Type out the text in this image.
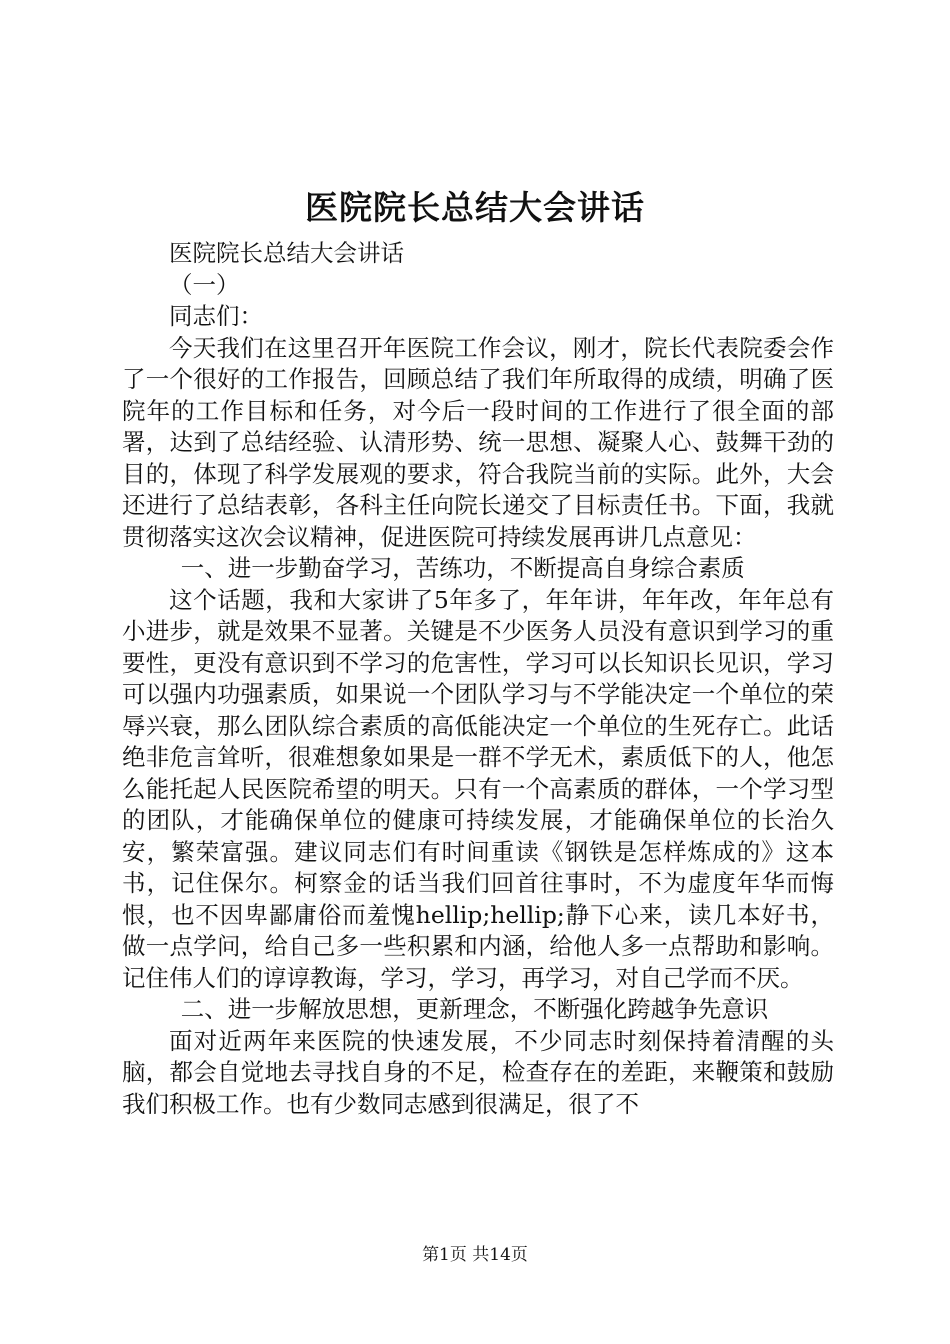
医院院长总结大会讲话

医院院长总结大会讲话

（一）

同志们：

今天我们在这里召开年医院工作会议，刚才，院长代表院委会作了一个很好的工作报告，回顾总结了我们年所取得的成绩，明确了医院年的工作目标和任务，对今后一段时间的工作进行了很全面的部署，达到了总结经验、认清形势、统一思想、凝聚人心、鼓舞干劲的目的，体现了科学发展观的要求，符合我院当前的实际。此外，大会还进行了总结表彰，各科主任向院长递交了目标责任书。下面，我就贯彻落实这次会议精神，促进医院可持续发展再讲几点意见：

一、进一步勤奋学习，苦练功，不断提高自身综合素质

这个话题，我和大家讲了5年多了，年年讲，年年改，年年总有小进步，就是效果不显著。关键是不少医务人员没有意识到学习的重要性，更没有意识到不学习的危害性，学习可以长知识长见识，学习可以强内功强素质，如果说一个团队学习与不学能决定一个单位的荣辱兴衰，那么团队综合素质的高低能决定一个单位的生死存亡。此话绝非危言耸听，很难想象如果是一群不学无术，素质低下的人，他怎么能托起人民医院希望的明天。只有一个高素质的群体，一个学习型的团队，才能确保单位的健康可持续发展，才能确保单位的长治久安，繁荣富强。建议同志们有时间重读《钢铁是怎样炼成的》这本书，记住保尔。柯察金的话当我们回首往事时，不为虚度年华而悔恨，也不因卑鄙庸俗而羞愧hellip;hellip;静下心来，读几本好书，做一点学问，给自己多一些积累和内涵，给他人多一点帮助和影响。记住伟人们的谆谆教诲，学习，学习，再学习，对自己学而不厌。

二、进一步解放思想，更新理念，不断强化跨越争先意识

面对近两年来医院的快速发展，不少同志时刻保持着清醒的头脑，都会自觉地去寻找自身的不足，检查存在的差距，来鞭策和鼓励我们积极工作。也有少数同志感到很满足，很了不

第1页 共14页
